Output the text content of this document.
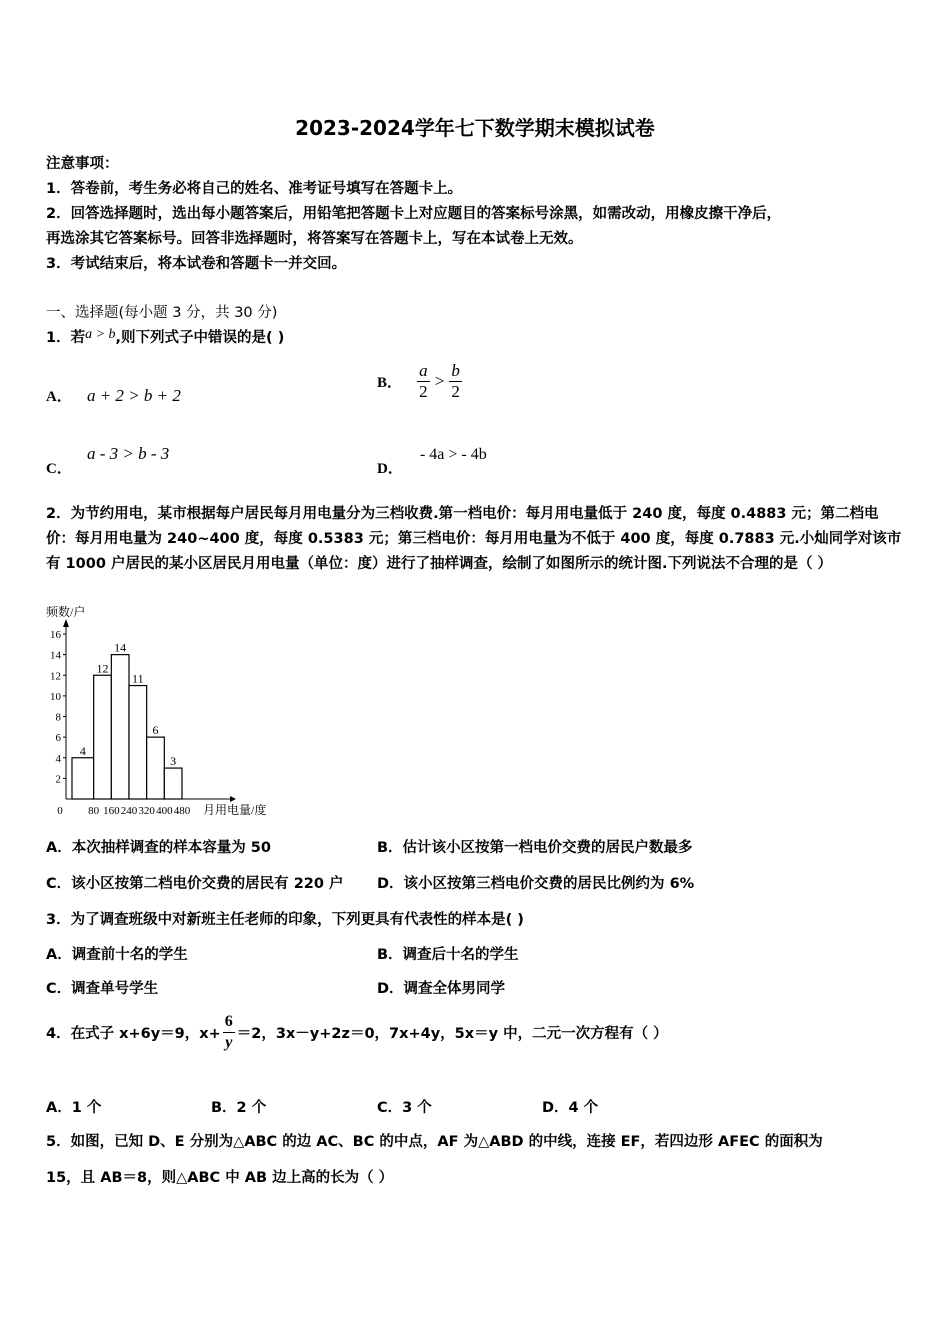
2023-2024学年七下数学期末模拟试卷
注意事项：
1．答卷前，考生务必将自己的姓名、准考证号填写在答题卡上。
2．回答选择题时，选出每小题答案后，用铅笔把答题卡上对应题目的答案标号涂黑，如需改动，用橡皮擦干净后，
再选涂其它答案标号。回答非选择题时，将答案写在答题卡上，写在本试卷上无效。
3．考试结束后，将本试卷和答题卡一并交回。
一、选择题(每小题 3 分，共 30 分)
1．若a > b,则下列式子中错误的是( )
A． a + 2 > b + 2
B． $\frac{a}{2} > \frac{b}{2}$
C． a - 3 > b - 3
D． - 4a > - 4b
2．为节约用电，某市根据每户居民每月用电量分为三档收费.第一档电价：每月用电量低于 240 度，每度 0.4883 元；第二档电价：每月用电量为 240~400 度，每度 0.5383 元；第三档电价：每月用电量为不低于 400 度，每度 0.7883 元.小灿同学对该市有 1000 户居民的某小区居民月用电量（单位：度）进行了抽样调查，绘制了如图所示的统计图.下列说法不合理的是（ ）
频数/户
月用电量/度
2
4
6
8
10
12
14
16
0 80 160 240 320 400 480
4
12
14
11
6
3
A．本次抽样调查的样本容量为 50	B．估计该小区按第一档电价交费的居民户数最多
C．该小区按第二档电价交费的居民有 220 户 D．该小区按第三档电价交费的居民比例约为 6%
3．为了调查班级中对新班主任老师的印象，下列更具有代表性的样本是( )
A．调查前十名的学生	B．调查后十名的学生
C．调查单号学生	D．调查全体男同学
4．在式子 x+6y＝9，$x+ \frac{6}{y} =2$，3x－y+2z＝0，7x+4y，5x＝y 中，二元一次方程有（ ）
A．1 个	B．2 个	C．3 个	D．4 个
5．如图，已知 D、E 分别为△ABC 的边 AC、BC 的中点，AF 为△ABD 的中线，连接 EF，若四边形 AFEC 的面积为
15，且 AB＝8，则△ABC 中 AB 边上高的长为（ ）
